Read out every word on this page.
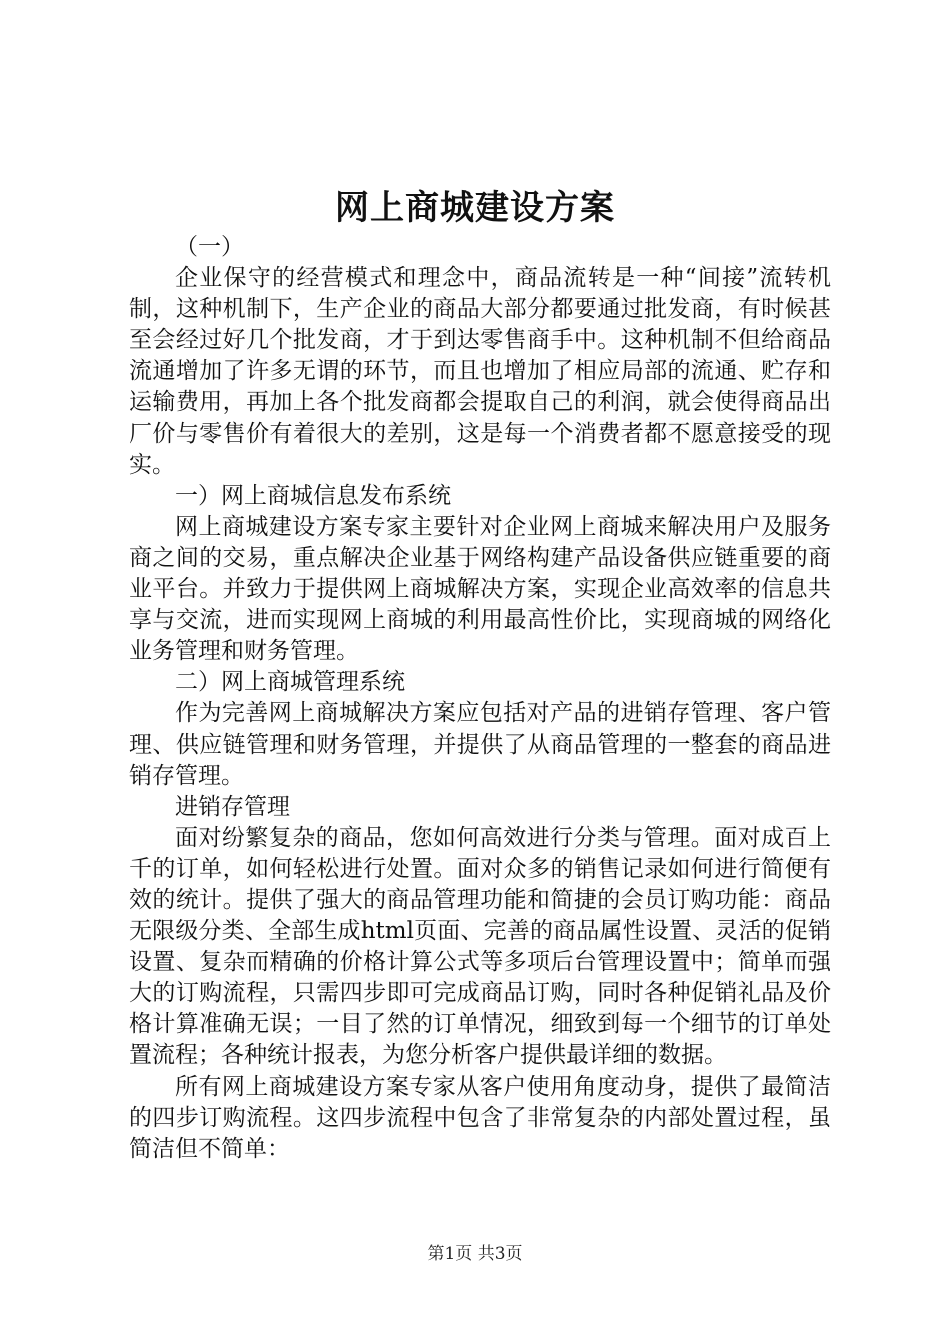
网上商城建设方案

（一）

企业保守的经营模式和理念中，商品流转是一种“间接”流转机制，这种机制下，生产企业的商品大部分都要通过批发商，有时候甚至会经过好几个批发商，才于到达零售商手中。这种机制不但给商品流通增加了许多无谓的环节，而且也增加了相应局部的流通、贮存和运输费用，再加上各个批发商都会提取自己的利润，就会使得商品出厂价与零售价有着很大的差别，这是每一个消费者都不愿意接受的现实。

一）网上商城信息发布系统

网上商城建设方案专家主要针对企业网上商城来解决用户及服务商之间的交易，重点解决企业基于网络构建产品设备供应链重要的商业平台。并致力于提供网上商城解决方案，实现企业高效率的信息共享与交流，进而实现网上商城的利用最高性价比，实现商城的网络化业务管理和财务管理。

二）网上商城管理系统

作为完善网上商城解决方案应包括对产品的进销存管理、客户管理、供应链管理和财务管理，并提供了从商品管理的一整套的商品进销存管理。

进销存管理

面对纷繁复杂的商品，您如何高效进行分类与管理。面对成百上千的订单，如何轻松进行处置。面对众多的销售记录如何进行简便有效的统计。提供了强大的商品管理功能和简捷的会员订购功能：商品无限级分类、全部生成html页面、完善的商品属性设置、灵活的促销设置、复杂而精确的价格计算公式等多项后台管理设置中；简单而强大的订购流程，只需四步即可完成商品订购，同时各种促销礼品及价格计算准确无误；一目了然的订单情况，细致到每一个细节的订单处置流程；各种统计报表，为您分析客户提供最详细的数据。

所有网上商城建设方案专家从客户使用角度动身，提供了最简洁的四步订购流程。这四步流程中包含了非常复杂的内部处置过程，虽简洁但不简单：

第1页 共3页
